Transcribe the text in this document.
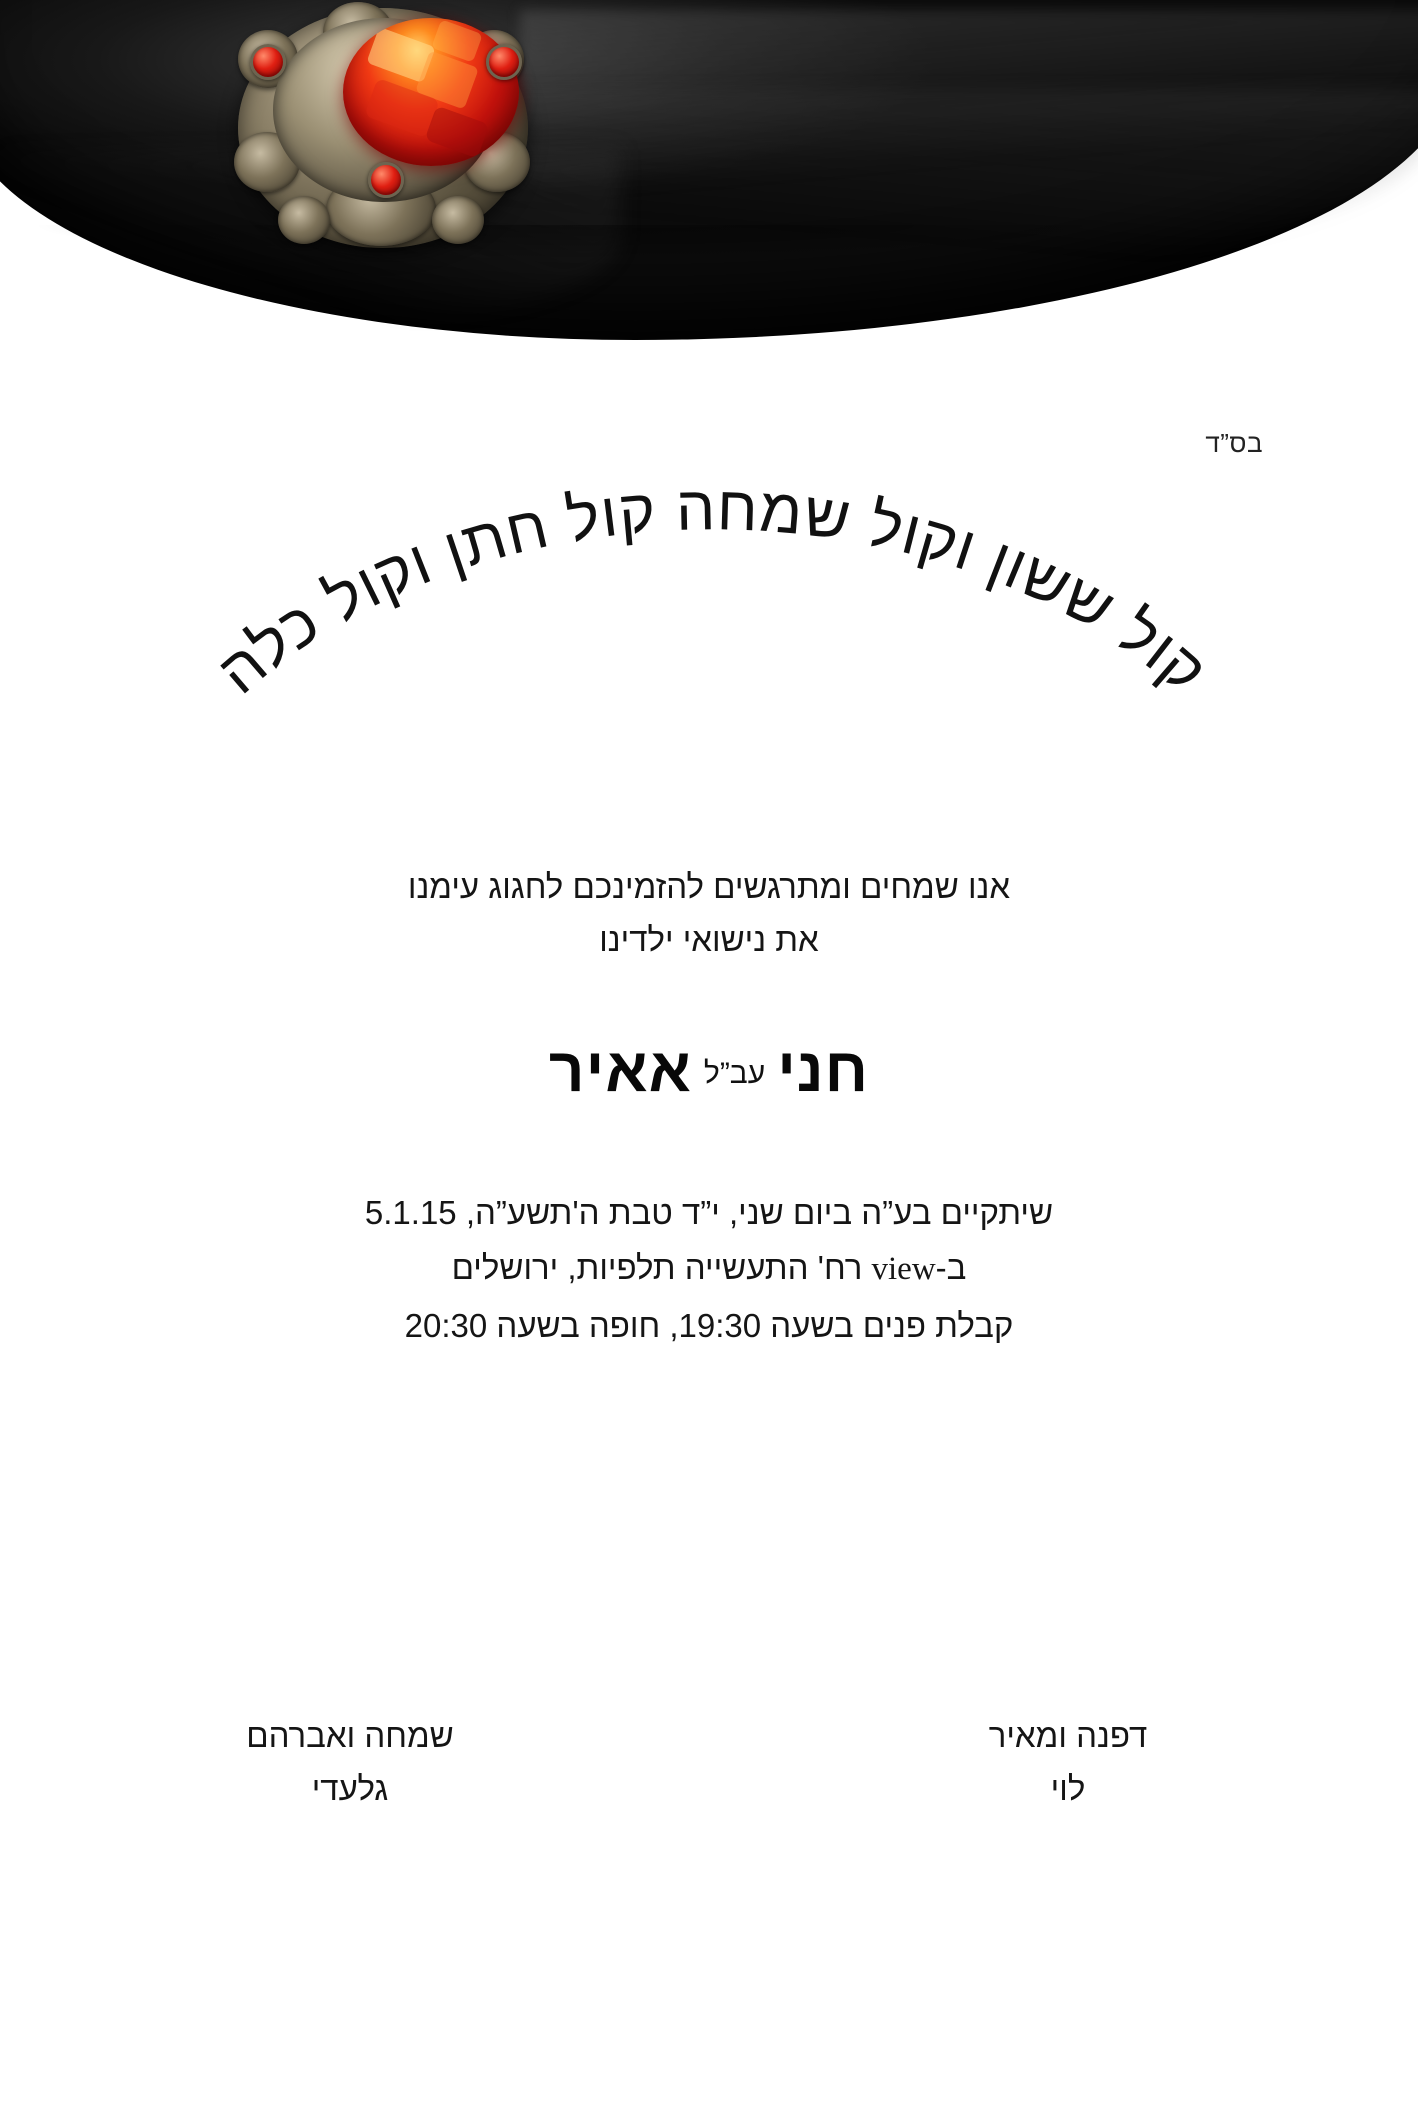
בס”ד
קול ששון וקול שמחה קול חתן וקול כלה
אנו שמחים ומתרגשים להזמינכם לחגוג עימנו
את נישואי ילדינו
חניעב”לאאיר
שיתקיים בע”ה ביום שני, י”ד טבת ה'תשע”ה, 5.1.15
ב-view רח' התעשייה תלפיות, ירושלים
קבלת פנים בשעה 19:30, חופה בשעה 20:30
דפנה ומאיר
לוי
שמחה ואברהם
גלעדי
